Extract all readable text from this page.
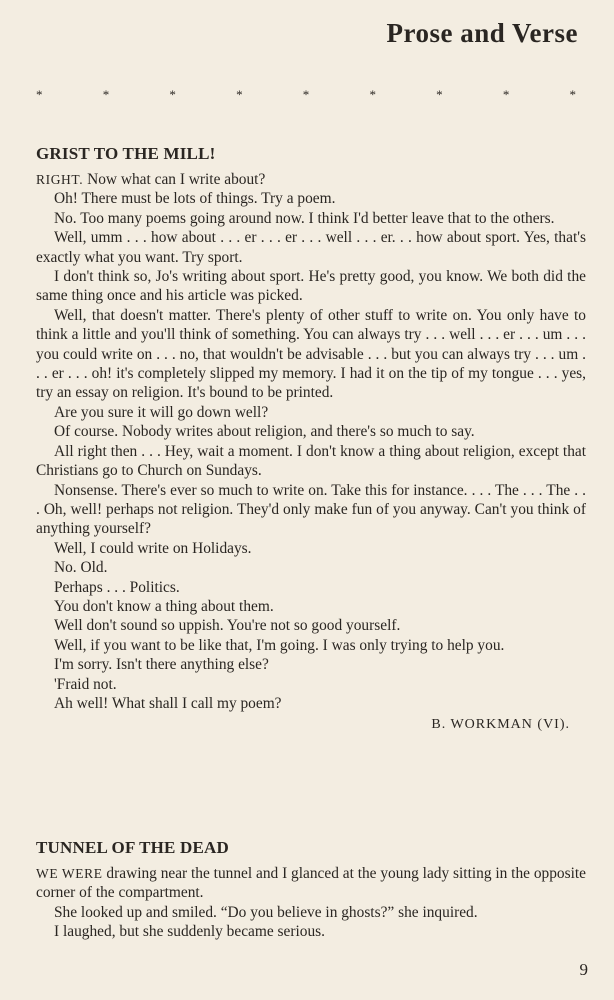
Prose and Verse
*	*	*	*	*	*	*	*	*
GRIST TO THE MILL!

RIGHT. Now what can I write about?

Oh! There must be lots of things. Try a poem.

No. Too many poems going around now. I think I'd better leave that to the others.

Well, umm . . . how about . . . er . . . er . . . well . . . er. . . how about sport. Yes, that's exactly what you want. Try sport.

I don't think so, Jo's writing about sport. He's pretty good, you know. We both did the same thing once and his article was picked.

Well, that doesn't matter. There's plenty of other stuff to write on. You only have to think a little and you'll think of something. You can always try . . . well . . . er . . . um . . . you could write on . . . no, that wouldn't be advisable . . . but you can always try . . . um . . . er . . . oh! it's completely slipped my memory. I had it on the tip of my tongue . . . yes, try an essay on religion. It's bound to be printed.

Are you sure it will go down well?

Of course. Nobody writes about religion, and there's so much to say.

All right then . . . Hey, wait a moment. I don't know a thing about religion, except that Christians go to Church on Sundays.

Nonsense. There's ever so much to write on. Take this for instance. . . . The . . . The . . . Oh, well! perhaps not religion. They'd only make fun of you anyway. Can't you think of anything yourself?

Well, I could write on Holidays.

No. Old.

Perhaps . . . Politics.

You don't know a thing about them.

Well don't sound so uppish. You're not so good yourself.

Well, if you want to be like that, I'm going. I was only trying to help you.

I'm sorry. Isn't there anything else?

'Fraid not.

Ah well! What shall I call my poem?

B. WORKMAN (VI).
TUNNEL OF THE DEAD

WE WERE drawing near the tunnel and I glanced at the young lady sitting in the opposite corner of the compartment.

She looked up and smiled. “Do you believe in ghosts?” she inquired.

I laughed, but she suddenly became serious.

9
